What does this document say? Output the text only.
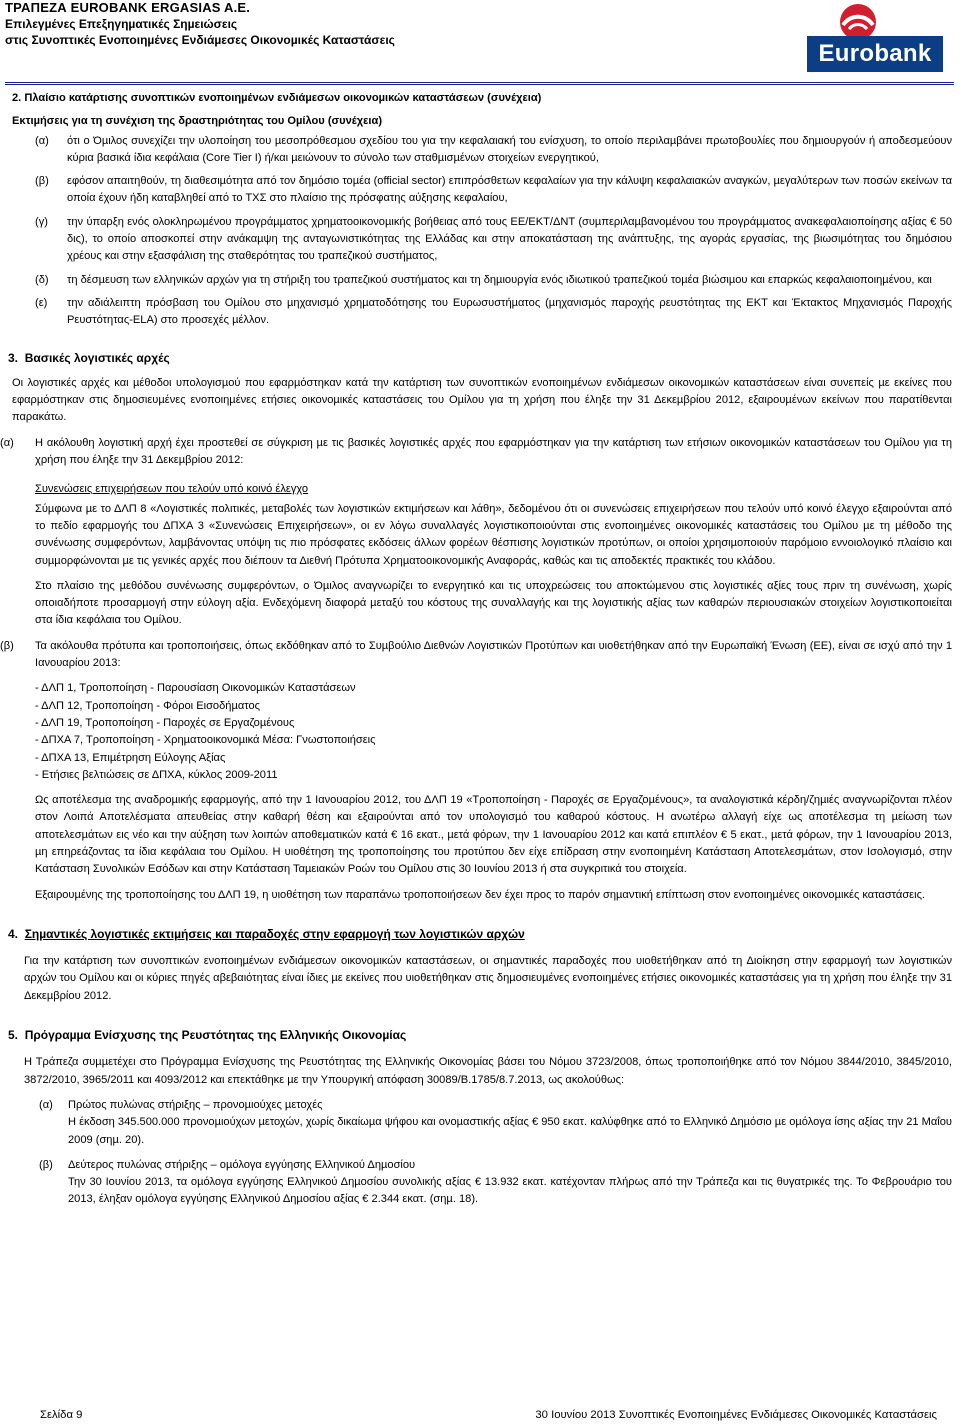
ΤΡΑΠΕΖΑ EUROBANK ERGASIAS A.E.
Επιλεγµένες Επεξηγηµατικές Σηµειώσεις
στις Συνοπτικές Ενοποιηµένες Ενδιάµεσες Οικονοµικές Καταστάσεις	Eurobank
2. Πλαίσιο κατάρτισης συνοπτικών ενοποιηµένων ενδιάµεσων οικονοµικών καταστάσεων (συνέχεια)
Εκτιµήσεις για τη συνέχιση της δραστηριότητας του Οµίλου (συνέχεια)
(α) ότι ο Όµιλος συνεχίζει την υλοποίηση του µεσοπρόθεσµου σχεδίου του για την κεφαλαιακή του ενίσχυση, το οποίο περιλαµβάνει πρωτοβουλίες που δηµιουργούν ή αποδεσµεύουν κύρια βασικά ίδια κεφάλαια (Core Tier I) ή/και µειώνουν το σύνολο των σταθµισµένων στοιχείων ενεργητικού,
(β) εφόσον απαιτηθούν, τη διαθεσιµότητα από τον δηµόσιο τοµέα (official sector) επιπρόσθετων κεφαλαίων για την κάλυψη κεφαλαιακών αναγκών, µεγαλύτερων των ποσών εκείνων τα οποία έχουν ήδη καταβληθεί από το ΤΧΣ στο πλαίσιο της πρόσφατης αύξησης κεφαλαίου,
(γ) την ύπαρξη ενός ολοκληρωµένου προγράµµατος χρηµατοοικονοµικής βοήθειας από τους ΕΕ/ΕΚΤ/ΔΝΤ (συµπεριλαµβανοµένου του προγράµµατος ανακεφαλαιοποίησης αξίας € 50 δις), το οποίο αποσκοπεί στην ανάκαµψη της ανταγωνιστικότητας της Ελλάδας και στην αποκατάσταση της ανάπτυξης, της αγοράς εργασίας, της βιωσιµότητας του δηµόσιου χρέους και στην εξασφάλιση της σταθερότητας του τραπεζικού συστήµατος,
(δ) τη δέσµευση των ελληνικών αρχών για τη στήριξη του τραπεζικού συστήµατος και τη δηµιουργία ενός ιδιωτικού τραπεζικού τοµέα βιώσιµου και επαρκώς κεφαλαιοποιηµένου, και
(ε) την αδιάλειπτη πρόσβαση του Οµίλου στο µηχανισµό χρηµατοδότησης του Ευρωσυστήµατος (µηχανισµός παροχής ρευστότητας της ΕΚΤ και Έκτακτος Μηχανισµός Παροχής Ρευστότητας-ELA) στο προσεχές µέλλον.
3. Βασικές λογιστικές αρχές
Οι λογιστικές αρχές και µέθοδοι υπολογισµού που εφαρµόστηκαν κατά την κατάρτιση των συνοπτικών ενοποιηµένων ενδιάµεσων οικονοµικών καταστάσεων είναι συνεπείς µε εκείνες που εφαρµόστηκαν στις δηµοσιευµένες ενοποιηµένες ετήσιες οικονοµικές καταστάσεις του Οµίλου για τη χρήση που έληξε την 31 Δεκεµβρίου 2012, εξαιρουµένων εκείνων που παρατίθενται παρακάτω.
(α) Η ακόλουθη λογιστική αρχή έχει προστεθεί σε σύγκριση µε τις βασικές λογιστικές αρχές που εφαρµόστηκαν για την κατάρτιση των ετήσιων οικονοµικών καταστάσεων του Οµίλου για τη χρήση που έληξε την 31 Δεκεµβρίου 2012:
Συνενώσεις επιχειρήσεων που τελούν υπό κοινό έλεγχο
Σύµφωνα µε το ΔΛΠ 8 «Λογιστικές πολιτικές, µεταβολές των λογιστικών εκτιµήσεων και λάθη», δεδοµένου ότι οι συνενώσεις επιχειρήσεων που τελούν υπό κοινό έλεγχο εξαιρούνται από το πεδίο εφαρµογής του ΔΠΧΑ 3 «Συνενώσεις Επιχειρήσεων», οι εν λόγω συναλλαγές λογιστικοποιούνται στις ενοποιηµένες οικονοµικές καταστάσεις του Οµίλου µε τη µέθοδο της συνένωσης συµφερόντων, λαµβάνοντας υπόψη τις πιο πρόσφατες εκδόσεις άλλων φορέων θέσπισης λογιστικών προτύπων, οι οποίοι χρησιµοποιούν παρόµοιο εννοιολογικό πλαίσιο και συµµορφώνονται µε τις γενικές αρχές που διέπουν τα Διεθνή Πρότυπα Χρηµατοοικονοµικής Αναφοράς, καθώς και τις αποδεκτές πρακτικές του κλάδου.
Στο πλαίσιο της µεθόδου συνένωσης συµφερόντων, ο Όµιλος αναγνωρίζει το ενεργητικό και τις υποχρεώσεις του αποκτώµενου στις λογιστικές αξίες τους πριν τη συνένωση, χωρίς οποιαδήποτε προσαρµογή στην εύλογη αξία. Ενδεχόµενη διαφορά µεταξύ του κόστους της συναλλαγής και της λογιστικής αξίας των καθαρών περιουσιακών στοιχείων λογιστικοποιείται στα ίδια κεφάλαια του Οµίλου.
(β) Τα ακόλουθα πρότυπα και τροποποιήσεις, όπως εκδόθηκαν από το Συµβούλιο Διεθνών Λογιστικών Προτύπων και υιοθετήθηκαν από την Ευρωπαϊκή Ένωση (ΕΕ), είναι σε ισχύ από την 1 Ιανουαρίου 2013:
- ΔΛΠ 1, Τροποποίηση - Παρουσίαση Οικονοµικών Καταστάσεων
- ΔΛΠ 12, Τροποποίηση - Φόροι Εισοδήµατος
- ΔΛΠ 19, Τροποποίηση - Παροχές σε Εργαζοµένους
- ΔΠΧΑ 7, Τροποποίηση - Χρηµατοοικονοµικά Μέσα: Γνωστοποιήσεις
- ΔΠΧΑ 13, Επιµέτρηση Εύλογης Αξίας
- Ετήσιες βελτιώσεις σε ΔΠΧΑ, κύκλος 2009-2011
Ως αποτέλεσµα της αναδροµικής εφαρµογής, από την 1 Ιανουαρίου 2012, του ΔΛΠ 19 «Τροποποίηση - Παροχές σε Εργαζοµένους», τα αναλογιστικά κέρδη/ζηµιές αναγνωρίζονται πλέον στον Λοιπά Αποτελέσµατα απευθείας στην καθαρή θέση και εξαιρούνται από τον υπολογισµό του καθαρού κόστους. Η ανωτέρω αλλαγή είχε ως αποτέλεσµα τη µείωση των αποτελεσµάτων εις νέο και την αύξηση των λοιπών αποθεµατικών κατά € 16 εκατ., µετά φόρων, την 1 Ιανουαρίου 2012 και κατά επιπλέον € 5 εκατ., µετά φόρων, την 1 Ιανουαρίου 2013, µη επηρεάζοντας τα ίδια κεφάλαια του Οµίλου. Η υιοθέτηση της τροποποίησης του προτύπου δεν είχε επίδραση στην ενοποιηµένη Κατάσταση Αποτελεσµάτων, στον Ισολογισµό, στην Κατάσταση Συνολικών Εσόδων και στην Κατάσταση Ταµειακών Ροών του Οµίλου στις 30 Ιουνίου 2013 ή στα συγκριτικά του στοιχεία.
Εξαιρουµένης της τροποποίησης του ΔΛΠ 19, η υιοθέτηση των παραπάνω τροποποιήσεων δεν έχει προς το παρόν σηµαντική επίπτωση στον ενοποιηµένες οικονοµικές καταστάσεις.
4. Σηµαντικές λογιστικές εκτιµήσεις και παραδοχές στην εφαρµογή των λογιστικών αρχών
Για την κατάρτιση των συνοπτικών ενοποιηµένων ενδιάµεσων οικονοµικών καταστάσεων, οι σηµαντικές παραδοχές που υιοθετήθηκαν από τη Διοίκηση στην εφαρµογή των λογιστικών αρχών του Οµίλου και οι κύριες πηγές αβεβαιότητας είναι ίδιες µε εκείνες που υιοθετήθηκαν στις δηµοσιευµένες ενοποιηµένες ετήσιες οικονοµικές καταστάσεις για τη χρήση που έληξε την 31 Δεκεµβρίου 2012.
5. Πρόγραµµα Ενίσχυσης της Ρευστότητας της Ελληνικής Οικονοµίας
Η Τράπεζα συµµετέχει στο Πρόγραµµα Ενίσχυσης της Ρευστότητας της Ελληνικής Οικονοµίας βάσει του Νόµου 3723/2008, όπως τροποποιήθηκε από τον Νόµου 3844/2010, 3845/2010, 3872/2010, 3965/2011 και 4093/2012 και επεκτάθηκε µε την Υπουργική απόφαση 30089/Β.1785/8.7.2013, ως ακολούθως:
(α) Πρώτος πυλώνας στήριξης – προνοµιούχες µετοχές
Η έκδοση 345.500.000 προνοµιούχων µετοχών, χωρίς δικαίωµα ψήφου και ονοµαστικής αξίας € 950 εκατ. καλύφθηκε από το Ελληνικό Δηµόσιο µε οµόλογα ίσης αξίας την 21 Μαΐου 2009 (σηµ. 20).
(β) Δεύτερος πυλώνας στήριξης – οµόλογα εγγύησης Ελληνικού Δηµοσίου
Την 30 Ιουνίου 2013, τα οµόλογα εγγύησης Ελληνικού Δηµοσίου συνολικής αξίας € 13.932 εκατ. κατέχονταν πλήρως από την Τράπεζα και τις θυγατρικές της. Το Φεβρουάριο του 2013, έληξαν οµόλογα εγγύησης Ελληνικού Δηµοσίου αξίας € 2.344 εκατ. (σηµ. 18).
Σελίδα 9	30 Ιουνίου 2013 Συνοπτικές Ενοποιηµένες Ενδιάµεσες Οικονοµικές Καταστάσεις
